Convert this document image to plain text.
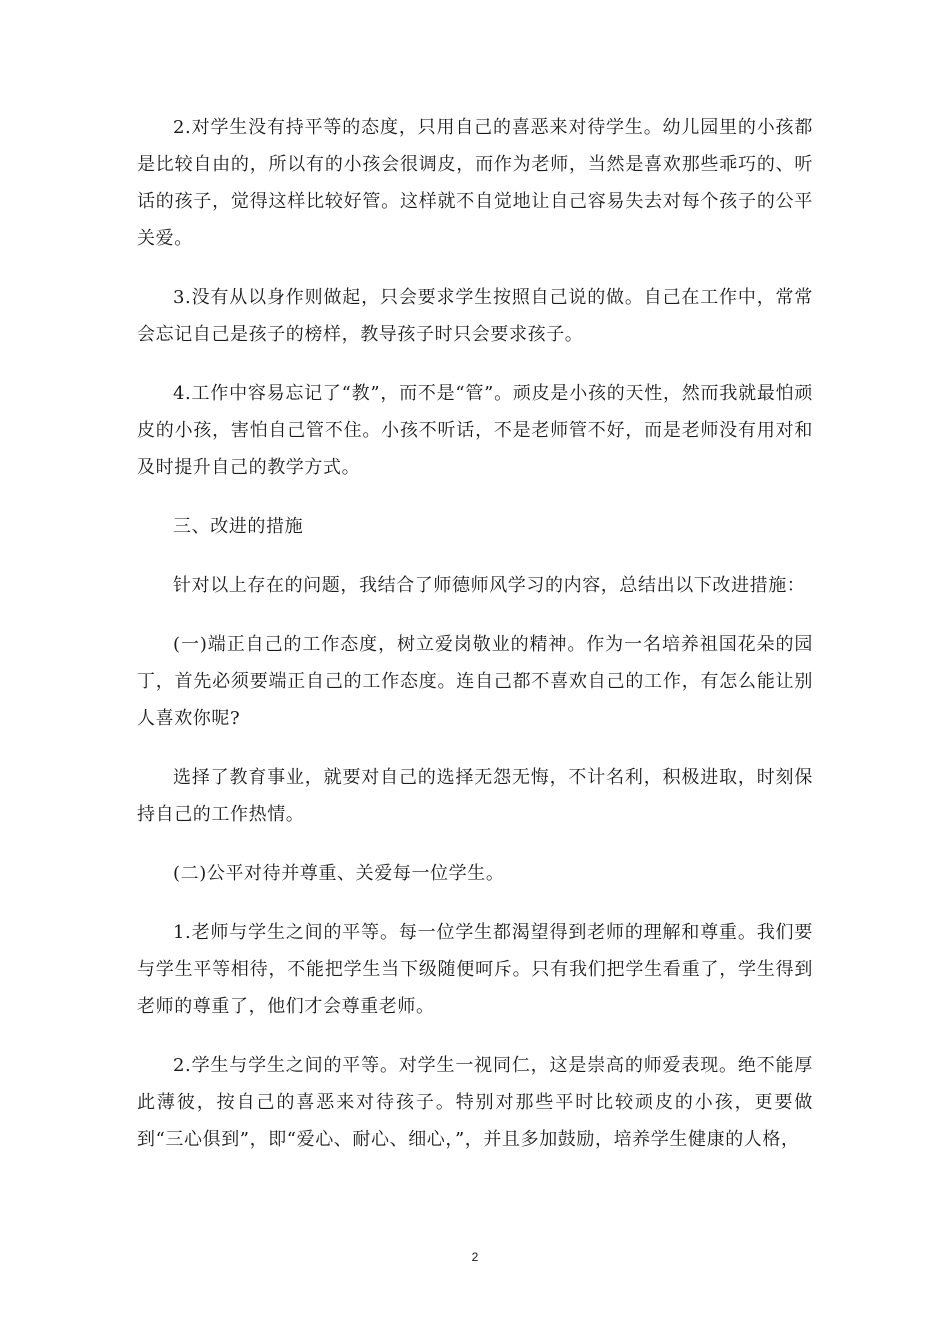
2.对学生没有持平等的态度，只用自己的喜恶来对待学生。幼儿园里的小孩都是比较自由的，所以有的小孩会很调皮，而作为老师，当然是喜欢那些乖巧的、听话的孩子，觉得这样比较好管。这样就不自觉地让自己容易失去对每个孩子的公平关爱。

3.没有从以身作则做起，只会要求学生按照自己说的做。自己在工作中，常常会忘记自己是孩子的榜样，教导孩子时只会要求孩子。

4.工作中容易忘记了“教”，而不是“管”。顽皮是小孩的天性，然而我就最怕顽皮的小孩，害怕自己管不住。小孩不听话，不是老师管不好，而是老师没有用对和及时提升自己的教学方式。

三、改进的措施

针对以上存在的问题，我结合了师德师风学习的内容，总结出以下改进措施：

(一)端正自己的工作态度，树立爱岗敬业的精神。作为一名培养祖国花朵的园丁，首先必须要端正自己的工作态度。连自己都不喜欢自己的工作，有怎么能让别人喜欢你呢?

选择了教育事业，就要对自己的选择无怨无悔，不计名利，积极进取，时刻保持自己的工作热情。

(二)公平对待并尊重、关爱每一位学生。

1.老师与学生之间的平等。每一位学生都渴望得到老师的理解和尊重。我们要与学生平等相待，不能把学生当下级随便呵斥。只有我们把学生看重了，学生得到老师的尊重了，他们才会尊重老师。

2.学生与学生之间的平等。对学生一视同仁，这是崇高的师爱表现。绝不能厚此薄彼，按自己的喜恶来对待孩子。特别对那些平时比较顽皮的小孩，更要做到“三心俱到”，即“爱心、耐心、细心，”，并且多加鼓励，培养学生健康的人格，

2
